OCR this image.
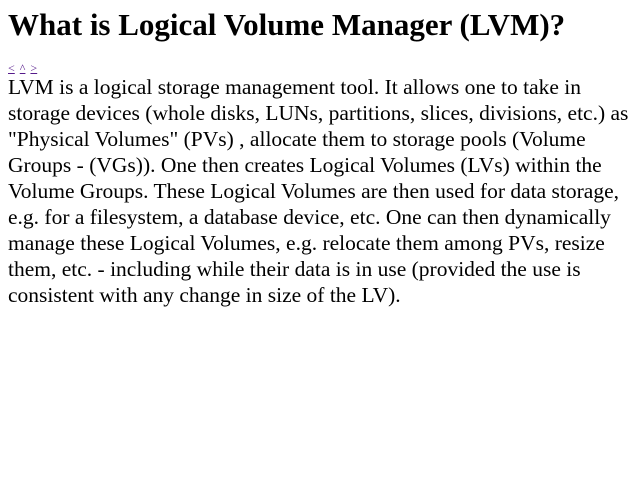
What is Logical Volume Manager (LVM)?
< ^ >

LVM is a logical storage management tool. It allows one to take in storage devices (whole disks, LUNs, partitions, slices, divisions, etc.) as "Physical Volumes" (PVs) , allocate them to storage pools (Volume Groups - (VGs)). One then creates Logical Volumes (LVs) within the Volume Groups. These Logical Volumes are then used for data storage, e.g. for a filesystem, a database device, etc. One can then dynamically manage these Logical Volumes, e.g. relocate them among PVs, resize them, etc. - including while their data is in use (provided the use is consistent with any change in size of the LV).
